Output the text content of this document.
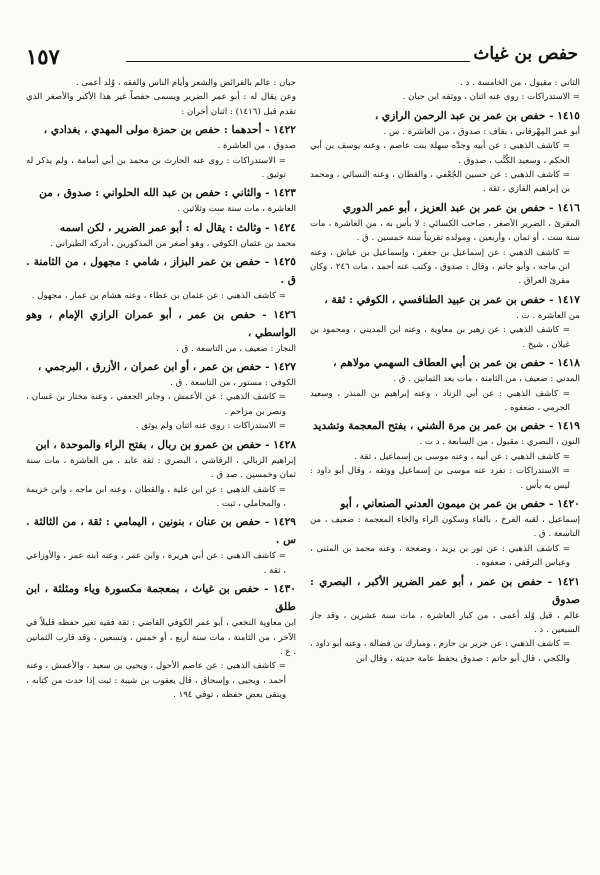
١٥٧	حفص بن غياث

الثاني : مقبول ، من الخامسة . د .

= الاستدراكات : روى عنه اثنان ، ووثقه ابن حبان .

١٤١٥ - حفص بن عمر بن عبد الرحمن الرازي ،

أبو عمر المِهْرقاني ، بقاف : صدوق ، من العاشرة . س .

= كاشف الذهبي : عن أبيه وجدِّه سهلة بنت عاصم ، وعنه يوسف بن أبي الحكم ، وسعيد الكُتَّب ، صدوق .

= كاشف الذهبي : عن حسين الجُعْفي ، والقطان ، وعنه النسائي ، ومحمد بن إبراهيم الفازي ، ثقة .

١٤١٦ - حفص بن عمر بن عبد العزيز ، أبو عمر الدوري

المقرئ ، الضرير الأصغر ، صاحب الكسائي : لا بأس به ، من العاشرة ، مات سنة ست ، أو ثمان ، وأربعين ، ومولده تقريباً سنة خمسين . ق .

= كاشف الذهبي : عن إسماعيل بن جعفر ، وإسماعيل بن عياش ، وعنه ابن ماجه ، وأبو حاتم ، وقال : صدوق ، وكتب عنه أحمد ، مات ٢٤٦ ، وكان مقرئ العراق .

١٤١٧ - حفص بن عمر بن عبيد الطنافسي ، الكوفي : ثقة ،

من العاشرة . ت .

= كاشف الذهبي : عن زهير بن معاوية ، وعنه ابن المديني ، ومحمود بن غيلان ، شيخ .

١٤١٨ - حفص بن عمر بن أبي العطاف السهمي مولاهم ،

المدني : ضعيف ، من الثامنة ، مات بعد الثمانين . ق .

= كاشف الذهبي : عن أبي الزناد ، وعنه إبراهيم بن المنذر ، وسعيد الجرمي ، ضعفوه .

١٤١٩ - حفص بن عمر بن مرة الشني ، بفتح المعجمة وتشديد

النون ، البصري : مقبول ، من السابعة . د ت .

= كاشف الذهبي : عن أبيه ، وعنه موسى بن إسماعيل ، ثقة .

= الاستدراكات : تفرد عنه موسى بن إسماعيل ووثقه ، وقال أبو داود : ليس به بأس .

١٤٢٠ - حفص بن عمر بن ميمون العدني الصنعاني ، أبو

إسماعيل ، لقبه الفرخ ، بالفاء وسكون الراء والخاء المعجمة : ضعيف ، من التاسعة . ق .

= كاشف الذهبي : عن ثور بن يزيد ، وضعجة ، وعنه محمد بن المثنى ، وعباس الترقفي ، ضعفوه .

١٤٢١ - حفص بن عمر ، أبو عمر الضرير الأكبر ، البصري : صدوق

عالم ، قيل وُلد أعمى ، من كبار العاشرة ، مات سنة عشرين ، وقد جاز السبعين . د .

= كاشف الذهبي : عن جرير بن حازم ، ومبارك بن فضالة ، وعنه أبو داود ، والكجي ، قال أبو حاتم : صدوق يحفظ عامة حديثه ، وقال ابن

حبان : عالم بالفرائض والشعر وأيام الناس والفقه ، وُلد أعمى .

وعن يقال له : أبو عمر الضرير ويسمى حفصاً غير هذا الأكبر والأصغر الذي تقدم قبل (١٤١٦) : اثنان أخران :

١٤٢٢ - أحدهما : حفص بن حمزة مولى المهدي ، بغدادي ،

صدوق ، من العاشرة .

= الاستدراكات : روى عنه الحارث بن محمد بن أبي أسامة ، ولم يذكر له توثيق .

١٤٢٣ - والثاني : حفص بن عبد الله الحلواني : صدوق ، من

العاشرة ، مات سنة ست وثلاثين .

١٤٢٤ - وثالث : يقال له : أبو عمر الضرير ، لكن اسمه

محمد بن عثمان الكوفي ، وهو أصغر من المذكورين ، أدركه الطبراني .

١٤٢٥ - حفص بن عمر البزاز ، شامي : مجهول ، من الثامنة . ق .

= كاشف الذهبي : عن عثمان بن عطاء ، وعنه هشام بن عمار ، مجهول .

١٤٢٦ - حفص بن عمر ، أبو عمران الرازي الإمام ، وهو الواسطي ،

النجار : ضعيف ، من التاسعة . ق .

١٤٢٧ - حفص بن عمر ، أو ابن عمران ، الأزرق ، البرجمي ،

الكوفي : مستور ، من التاسعة . ق .

= كاشف الذهبي : عن الأعمش ، وجابر الجعفي ، وعنه مختار بن غسان ، ونصر بن مزاحم .

= الاستدراكات : روى عنه اثنان ولم يوثق .

١٤٢٨ - حفص بن عمرو بن ربال ، بفتح الراء والموحدة ، ابن

إبراهيم الربالي ، الرقاشي ، البصري : ثقة عابد ، من العاشرة ، مات سنة ثمان وخمسين . صد ق .

= كاشف الذهبي : عن ابن علية ، والقطان ، وعنه ابن ماجه ، وابن خزيمة ، والمحاملي ، ثبت .

١٤٢٩ - حفص بن عنان ، بنونين ، اليمامي : ثقة ، من الثالثة . س .

= كاشف الذهبي : عن أبي هريرة ، وابن عمر ، وعنه ابنه عمر ، والأوزاعي ، ثقة .

١٤٣٠ - حفص بن غياث ، بمعجمة مكسورة وياء ومثلثة ، ابن طلق

ابن معاوية النخعي ، أبو عمر الكوفي القاضي : ثقة فقيه تغير حفظه قليلاً في الآخر ، من الثامنة ، مات سنة أربع ، أو خمس ، وتسعين ، وقد قارب الثمانين . ع .

= كاشف الذهبي : عن عاصم الأحول ، ويحيى بن سعيد ، والأعمش ، وعنه أحمد ، ويحيى ، وإسحاق ، قال يعقوب بن شيبة : ثبت إذا حدث من كتابه ، ويتقى بعض حفظه ، توفي ١٩٤ .
